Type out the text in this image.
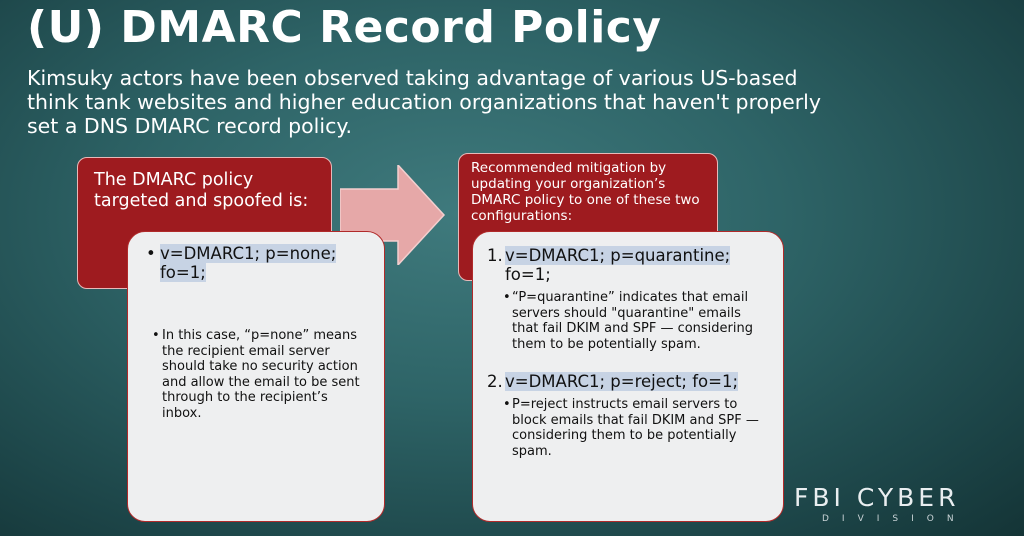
(U) DMARC Record Policy
Kimsuky actors have been observed taking advantage of various US-based
think tank websites and higher education organizations that haven't properly
set a DNS DMARC record policy.
The DMARC policy
targeted and spoofed is:
Recommended mitigation by updating your organization’s DMARC policy to one of these two configurations:
• v=DMARC1; p=none;
fo=1;
• In this case, “p=none” means the recipient email server should take no security action and allow the email to be sent through to the recipient’s inbox.
1. v=DMARC1; p=quarantine;
fo=1;
• “P=quarantine” indicates that email servers should "quarantine" emails that fail DKIM and SPF — considering them to be potentially spam.
2. v=DMARC1; p=reject; fo=1;
• P=reject instructs email servers to block emails that fail DKIM and SPF — considering them to be potentially spam.
FBI CYBER
DIVISION
